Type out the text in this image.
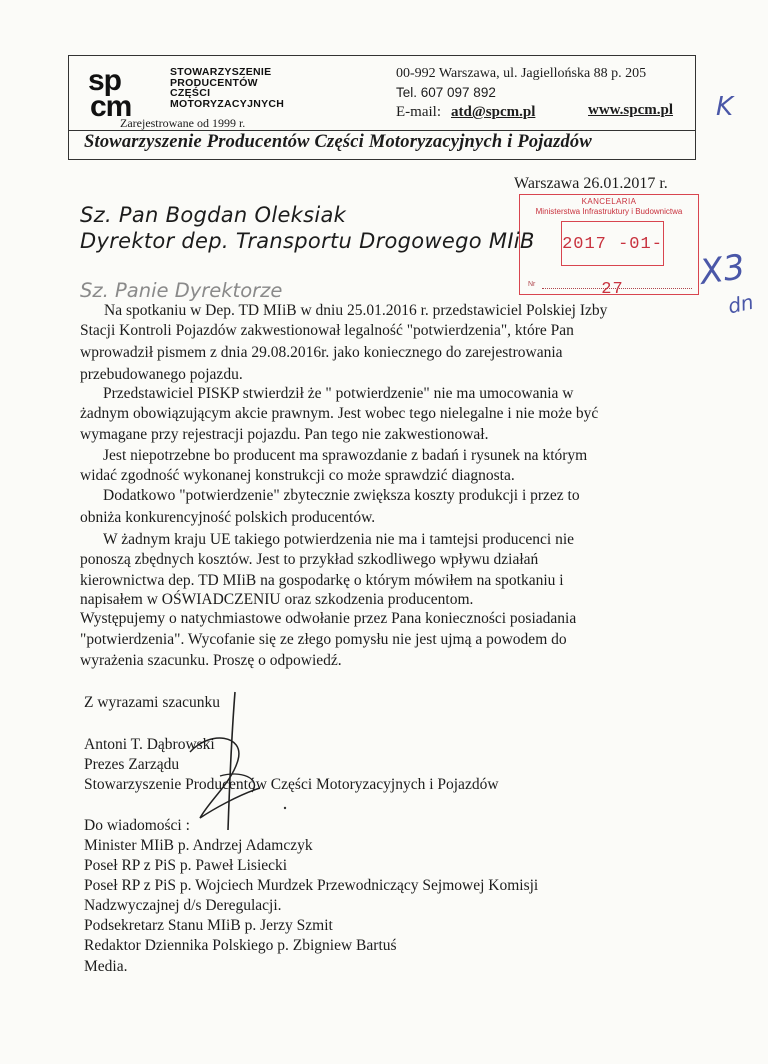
sp
cm
STOWARZYSZENIE
PRODUCENTÓW
CZĘŚCI
MOTORYZACYJNYCH
Zarejestrowane od 1999 r.
00-992 Warszawa, ul. Jagiellońska 88 p. 205
Tel. 607 097 892
E-mail: atd@spcm.pl	www.spcm.pl
Stowarzyszenie Producentów Części Motoryzacyjnych i Pojazdów
K
X3
dn
Warszawa 26.01.2017 r.
KANCELARIA
Ministerstwa Infrastruktury i Budownictwa
2017 -01- 27
Nr
Sz. Pan Bogdan Oleksiak
Dyrektor dep. Transportu Drogowego MIiB
Sz. Panie Dyrektorze
Na spotkaniu w Dep. TD MIiB w dniu 25.01.2016 r. przedstawiciel Polskiej Izby
Stacji Kontroli Pojazdów zakwestionował legalność "potwierdzenia", które Pan
wprowadził pismem z dnia 29.08.2016r. jako koniecznego do zarejestrowania
przebudowanego pojazdu.
Przedstawiciel PISKP stwierdził że " potwierdzenie" nie ma umocowania w
żadnym obowiązującym akcie prawnym. Jest wobec tego nielegalne i nie może być
wymagane przy rejestracji pojazdu. Pan tego nie zakwestionował.
Jest niepotrzebne bo producent ma sprawozdanie z badań i rysunek na którym
widać zgodność wykonanej konstrukcji co może sprawdzić diagnosta.
Dodatkowo "potwierdzenie" zbytecznie zwiększa koszty produkcji i przez to
obniża konkurencyjność polskich producentów.
W żadnym kraju UE takiego potwierdzenia nie ma i tamtejsi producenci nie
ponoszą zbędnych kosztów. Jest to przykład szkodliwego wpływu działań
kierownictwa dep. TD MIiB na gospodarkę o którym mówiłem na spotkaniu i
napisałem w OŚWIADCZENIU oraz szkodzenia producentom.
Występujemy o natychmiastowe odwołanie przez Pana konieczności posiadania
"potwierdzenia". Wycofanie się ze złego pomysłu nie jest ujmą a powodem do
wyrażenia szacunku. Proszę o odpowiedź.
Z wyrazami szacunku
Antoni T. Dąbrowski
Prezes Zarządu
Stowarzyszenie Producentów Części Motoryzacyjnych i Pojazdów
Do wiadomości :
Minister MIiB p. Andrzej Adamczyk
Poseł RP z PiS p. Paweł Lisiecki
Poseł RP z PiS p. Wojciech Murdzek Przewodniczący Sejmowej Komisji
Nadzwyczajnej d/s Deregulacji.
Podsekretarz Stanu MIiB p. Jerzy Szmit
Redaktor Dziennika Polskiego p. Zbigniew Bartuś
Media.
